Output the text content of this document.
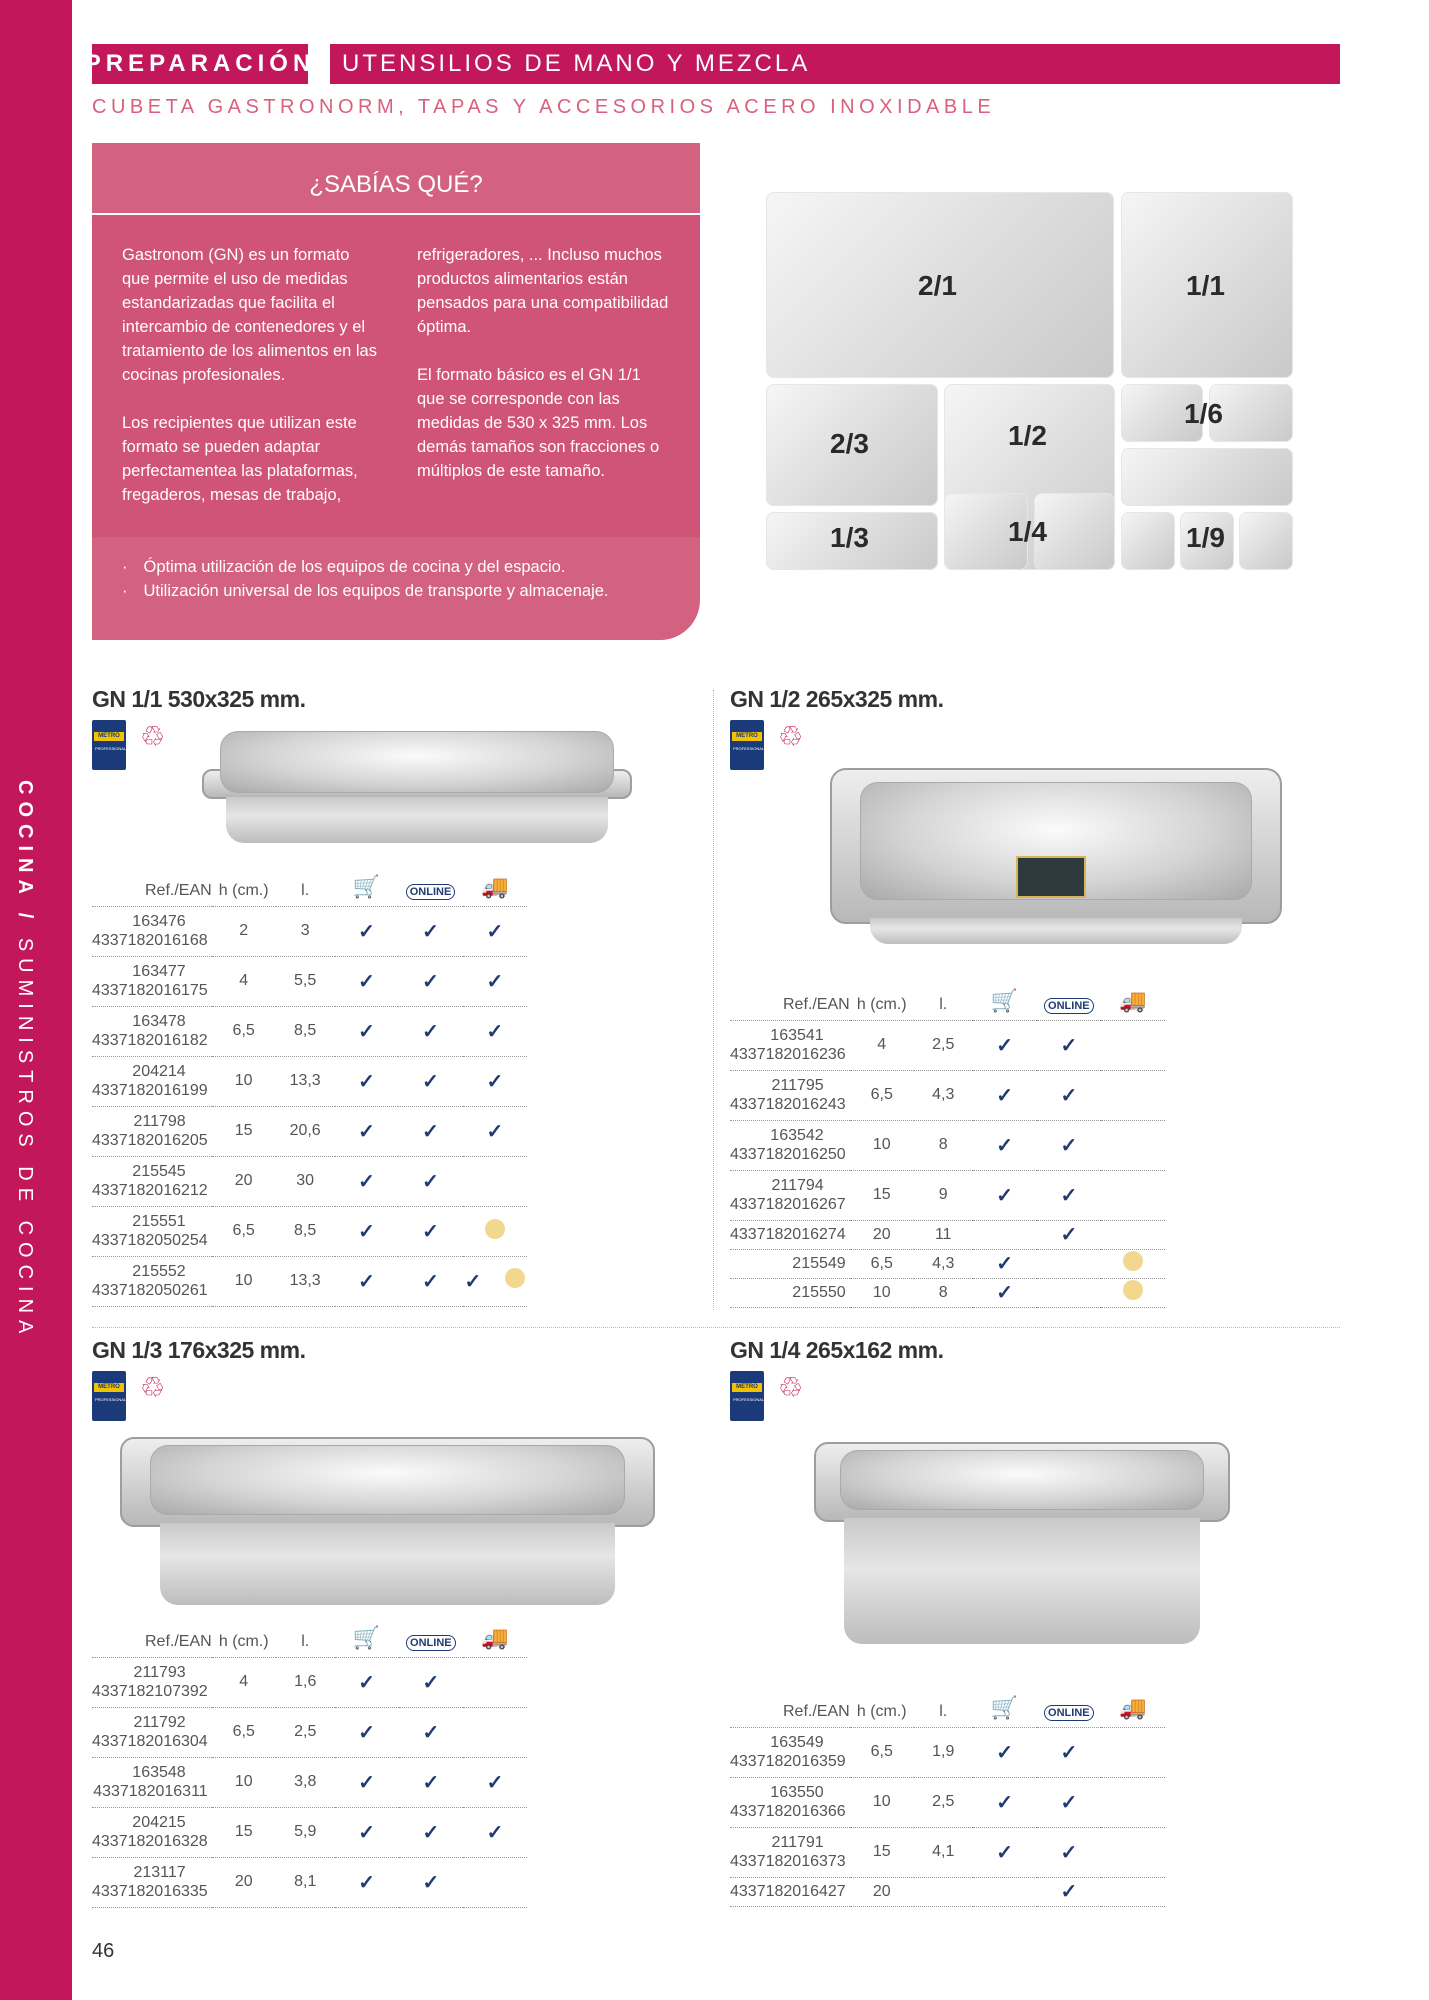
COCINA / SUMINISTROS DE COCINA
PREPARACIÓN	UTENSILIOS DE MANO Y MEZCLA
CUBETA GASTRONORM, TAPAS Y ACCESORIOS ACERO INOXIDABLE
¿SABÍAS QUÉ?

Gastronom (GN) es un formato que permite el uso de medidas estandarizadas que facilita el intercambio de contenedores y el tratamiento de los alimentos en las cocinas profesionales.

Los recipientes que utilizan este formato se pueden adaptar perfectamentea las plataformas, fregaderos, mesas de trabajo,

refrigeradores, ... Incluso muchos productos alimentarios están pensados para una compatibilidad óptima.

El formato básico es el GN 1/1 que se corresponde con las medidas de 530 x 325 mm. Los demás tamaños son fracciones o múltiplos de este tamaño.

· Óptima utilización de los equipos de cocina y del espacio.
· Utilización universal de los equipos de transporte y almacenaje.
2/1	1/1
2/3	1/2
1/6
1/3	1/4	1/9
GN 1/1 530x325 mm.
METRO
PROFESSIONAL ♲
Ref./EAN	h (cm.)	l.	🛒	ONLINE	🚚

163476
4337182016168	2	3	✓	✓	✓

163477
4337182016175	4	5,5	✓	✓	✓

163478
4337182016182	6,5	8,5	✓	✓	✓

204214
4337182016199	10	13,3	✓	✓	✓

211798
4337182016205	15	20,6	✓	✓	✓

215545
4337182016212	20	30	✓	✓	

215551
4337182050254	6,5	8,5	✓	✓	

215552
4337182050261	10	13,3	✓	✓	✓
GN 1/2 265x325 mm.
METRO
PROFESSIONAL ♲
Ref./EAN	h (cm.)	l.	🛒	ONLINE	🚚

163541
4337182016236	4	2,5	✓	✓	

211795
4337182016243	6,5	4,3	✓	✓	

163542
4337182016250	10	8	✓	✓	

211794
4337182016267	15	9	✓	✓	

4337182016274	20	11		✓	

215549	6,5	4,3	✓		

215550	10	8	✓		
GN 1/3 176x325 mm.
METRO
PROFESSIONAL ♲
Ref./EAN	h (cm.)	l.	🛒	ONLINE	🚚

211793
4337182107392	4	1,6	✓	✓	

211792
4337182016304	6,5	2,5	✓	✓	

163548
4337182016311	10	3,8	✓	✓	✓

204215
4337182016328	15	5,9	✓	✓	✓

213117
4337182016335	20	8,1	✓	✓	
GN 1/4 265x162 mm.
METRO
PROFESSIONAL ♲
Ref./EAN	h (cm.)	l.	🛒	ONLINE	🚚

163549
4337182016359	6,5	1,9	✓	✓	

163550
4337182016366	10	2,5	✓	✓	

211791
4337182016373	15	4,1	✓	✓	

4337182016427	20			✓	
46
